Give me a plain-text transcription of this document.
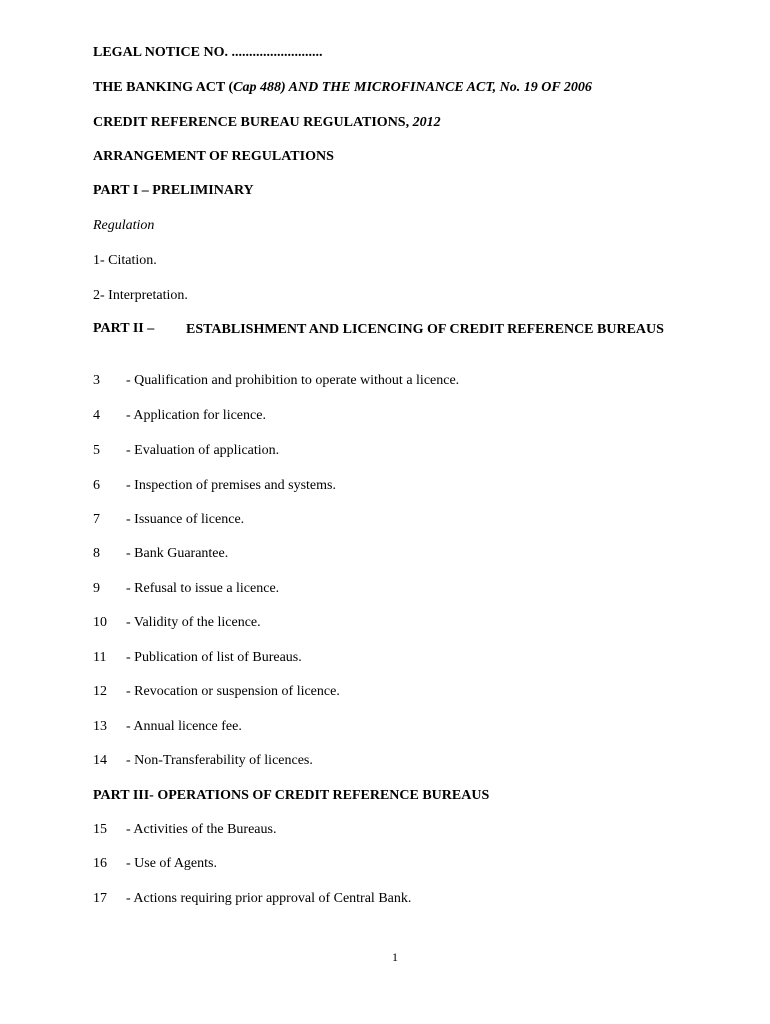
LEGAL NOTICE NO. ..........................
THE BANKING ACT (Cap 488) AND THE MICROFINANCE ACT, No. 19 OF 2006
CREDIT REFERENCE BUREAU REGULATIONS, 2012
ARRANGEMENT OF REGULATIONS
PART I – PRELIMINARY
Regulation
1- Citation.
2- Interpretation.
PART II – ESTABLISHMENT AND LICENCING OF CREDIT REFERENCE BUREAUS
3 - Qualification and prohibition to operate without a licence.
4 - Application for licence.
5 - Evaluation of application.
6 - Inspection of premises and systems.
7 - Issuance of licence.
8 - Bank Guarantee.
9 - Refusal to issue a licence.
10 - Validity of the licence.
11 - Publication of list of Bureaus.
12 - Revocation or suspension of licence.
13 - Annual licence fee.
14 - Non-Transferability of licences.
PART III- OPERATIONS OF CREDIT REFERENCE BUREAUS
15 - Activities of the Bureaus.
16 - Use of Agents.
17 - Actions requiring prior approval of Central Bank.
1
